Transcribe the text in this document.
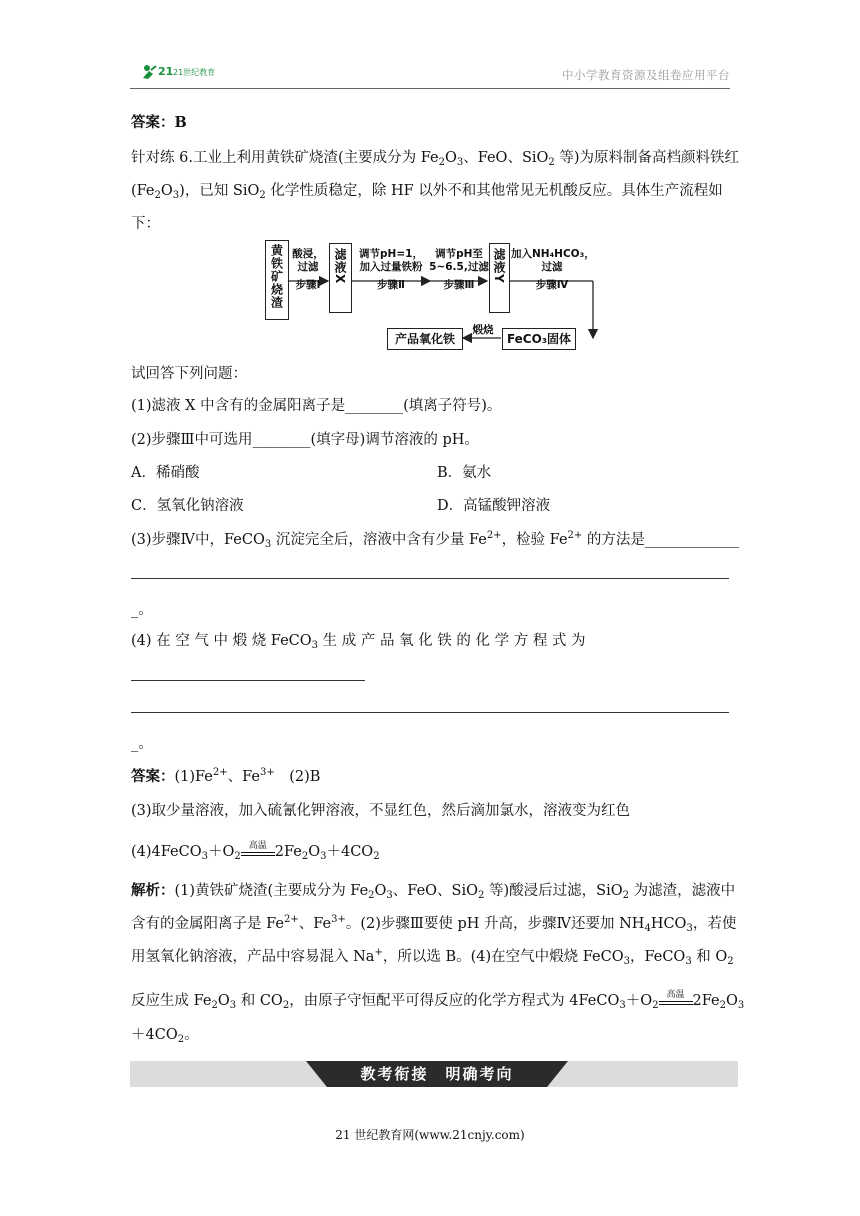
21 21世纪教育	中小学教育资源及组卷应用平台
答案：B
针对练 6.工业上利用黄铁矿烧渣(主要成分为 $Fe_2O_3$、FeO、SiO$_2$ 等)为原料制备高档颜料铁红
$(Fe_2O_3)$，已知 SiO$_2$ 化学性质稳定，除 HF 以外不和其他常见无机酸反应。具体生产流程如
下：
黄铁矿烧渣 酸浸，
过滤
步骤Ⅰ
滤液X	调节pH=1，
加入过量铁粉
步骤Ⅱ
调节pH至
5~6.5,过滤
步骤Ⅲ
滤液Y 加入NH₄HCO₃，
过滤
步骤Ⅳ
FeCO₃固体
煅烧
产品氧化铁
试回答下列问题：
(1)滤液 X 中含有的金属阳离子是________(填离子符号)。
(2)步骤Ⅲ中可选用________(填字母)调节溶液的 pH。
A．稀硝酸	B．氨水
C．氢氧化钠溶液	D．高锰酸钾溶液
(3)步骤Ⅳ中，FeCO$_3$ 沉淀完全后，溶液中含有少量 $Fe^{2+}$，检验 $Fe^{2+}$ 的方法是_____________
_。
(4) 在 空 气 中 煅 烧 FeCO$_3$ 生 成 产 品 氧 化 铁 的 化 学 方 程 式 为
_。
答案：$(1)Fe^{2+}$、$Fe^{3+}$　(2)B
(3)取少量溶液，加入硫氰化钾溶液，不显红色，然后滴加氯水，溶液变为红色
$(4)4FeCO_3+O_2$
高温 $2Fe_2O_3+4CO_2$
解析：(1)黄铁矿烧渣(主要成分为 $Fe_2O_3$、FeO、SiO$_2$ 等)酸浸后过滤，SiO$_2$ 为滤渣，滤液中
含有的金属阳离子是 $Fe^{2+}$、$Fe^{3+}$。(2)步骤Ⅲ要使 pH 升高，步骤Ⅳ还要加 $NH_4HCO_3$，若使
用氢氧化钠溶液，产品中容易混入 Na+，所以选 B。(4)在空气中煅烧 FeCO$_3$，FeCO$_3$ 和 $O_2$
反应生成 $Fe_2O_3$ 和 $CO_2$，由原子守恒配平可得反应的化学方程式为 $4FeCO_3+O_2$
高温 $2Fe_2O_3$
$+4CO_2$。
教考衔接　明确考向
21 世纪教育网(www.21cnjy.com)
